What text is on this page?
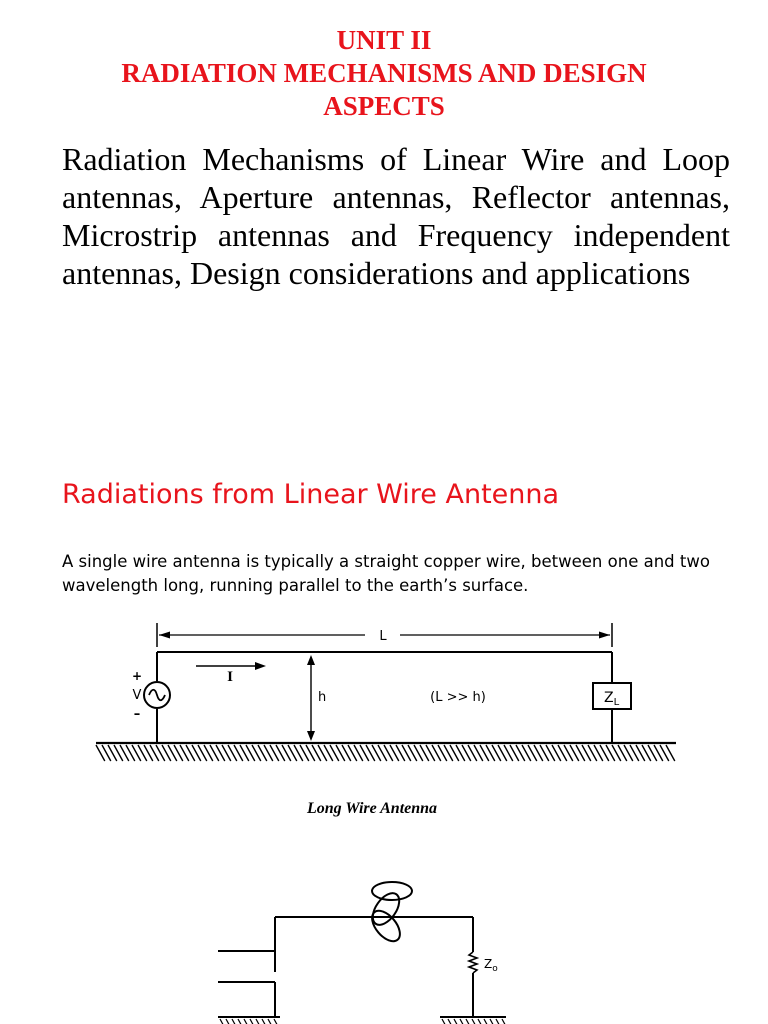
UNIT II
RADIATION MECHANISMS AND DESIGN
ASPECTS

Radiation Mechanisms of Linear Wire and Loop antennas, Aperture antennas, Reflector antennas, Microstrip antennas and Frequency independent antennas, Design considerations and applications

Radiations from Linear Wire Antenna

A single wire antenna is typically a straight copper wire, between one and two wavelength long, running parallel to the earth’s surface.

L
+
V
–
I
h	(L >> h)	$Z_L$
Long Wire Antenna
$Z_o$
